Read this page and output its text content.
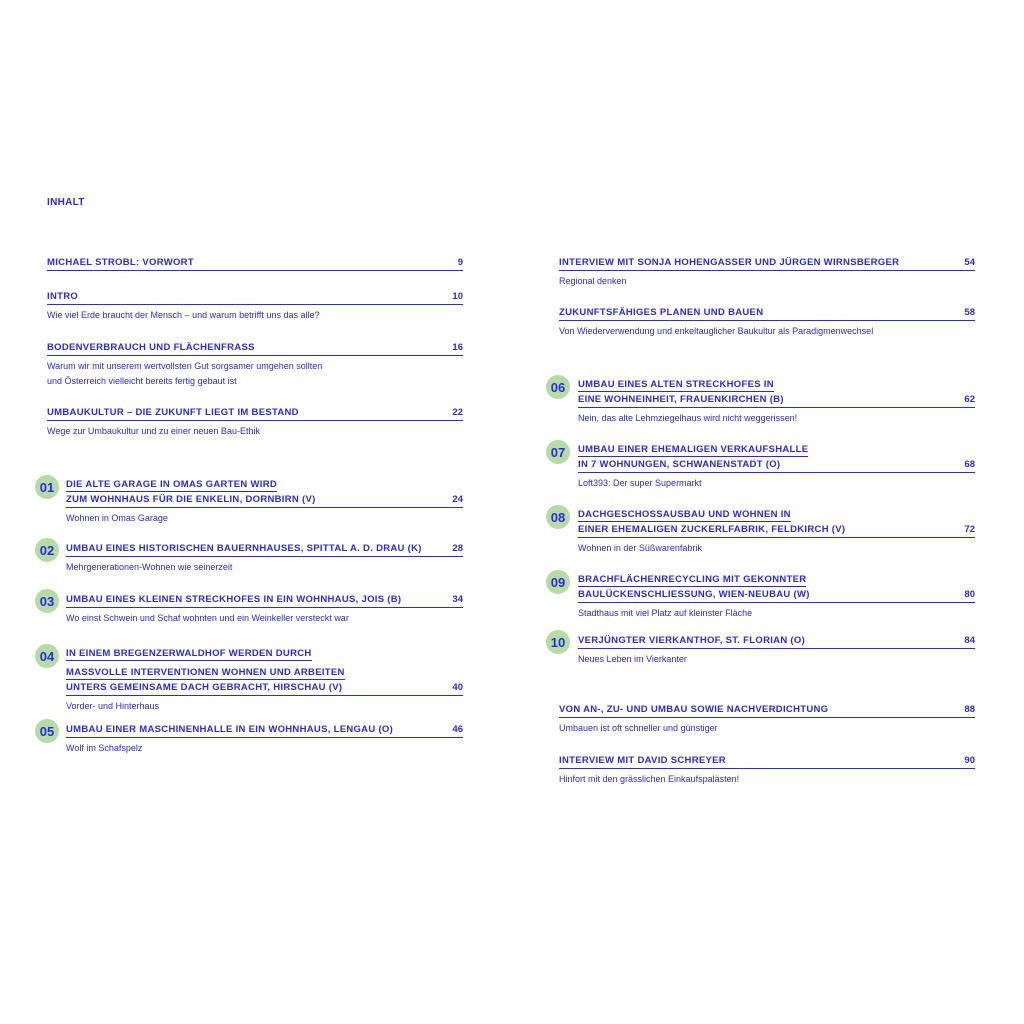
INHALT
MICHAEL STROBL: VORWORT	9
INTRO	10
Wie viel Erde braucht der Mensch – und warum betrifft uns das alle?
BODENVERBRAUCH UND FLÄCHENFRASS	16
Warum wir mit unserem wertvollsten Gut sorgsamer umgehen sollten
und Österreich vielleicht bereits fertig gebaut ist
UMBAUKULTUR – DIE ZUKUNFT LIEGT IM BESTAND	22
Wege zur Umbaukultur und zu einer neuen Bau-Ethik
01	DIE ALTE GARAGE IN OMAS GARTEN WIRD
ZUM WOHNHAUS FÜR DIE ENKELIN, DORNBIRN (V)	24
Wohnen in Omas Garage
02	UMBAU EINES HISTORISCHEN BAUERNHAUSES, SPITTAL A. D. DRAU (K)	28
Mehrgenerationen-Wohnen wie seinerzeit
03	UMBAU EINES KLEINEN STRECKHOFES IN EIN WOHNHAUS, JOIS (B)	34
Wo einst Schwein und Schaf wohnten und ein Weinkeller versteckt war
04	IN EINEM BREGENZERWALDHOF WERDEN DURCH
MASSVOLLE INTERVENTIONEN WOHNEN UND ARBEITEN
UNTERS GEMEINSAME DACH GEBRACHT, HIRSCHAU (V)	40
Vorder- und Hinterhaus
05	UMBAU EINER MASCHINENHALLE IN EIN WOHNHAUS, LENGAU (O)	46
Wolf im Schafspelz
INTERVIEW MIT SONJA HOHENGASSER UND JÜRGEN WIRNSBERGER	54
Regional denken
ZUKUNFTSFÄHIGES PLANEN UND BAUEN	58
Von Wiederverwendung und enkeltauglicher Baukultur als Paradigmenwechsel
06	UMBAU EINES ALTEN STRECKHOFES IN
EINE WOHNEINHEIT, FRAUENKIRCHEN (B)	62
Nein, das alte Lehmziegelhaus wird nicht weggerissen!
07	UMBAU EINER EHEMALIGEN VERKAUFSHALLE
IN 7 WOHNUNGEN, SCHWANENSTADT (O)	68
Loft393: Der super Supermarkt
08	DACHGESCHOSSAUSBAU UND WOHNEN IN
EINER EHEMALIGEN ZUCKERLFABRIK, FELDKIRCH (V)	72
Wohnen in der Süßwarenfabrik
09	BRACHFLÄCHENRECYCLING MIT GEKONNTER
BAULÜCKENSCHLIESSUNG, WIEN-NEUBAU (W)	80
Stadthaus mit viel Platz auf kleinster Fläche
10	VERJÜNGTER VIERKANTHOF, ST. FLORIAN (O)	84
Neues Leben im Vierkanter
VON AN-, ZU- UND UMBAU SOWIE NACHVERDICHTUNG	88
Umbauen ist oft schneller und günstiger
INTERVIEW MIT DAVID SCHREYER	90
Hinfort mit den grässlichen Einkaufspalästen!
